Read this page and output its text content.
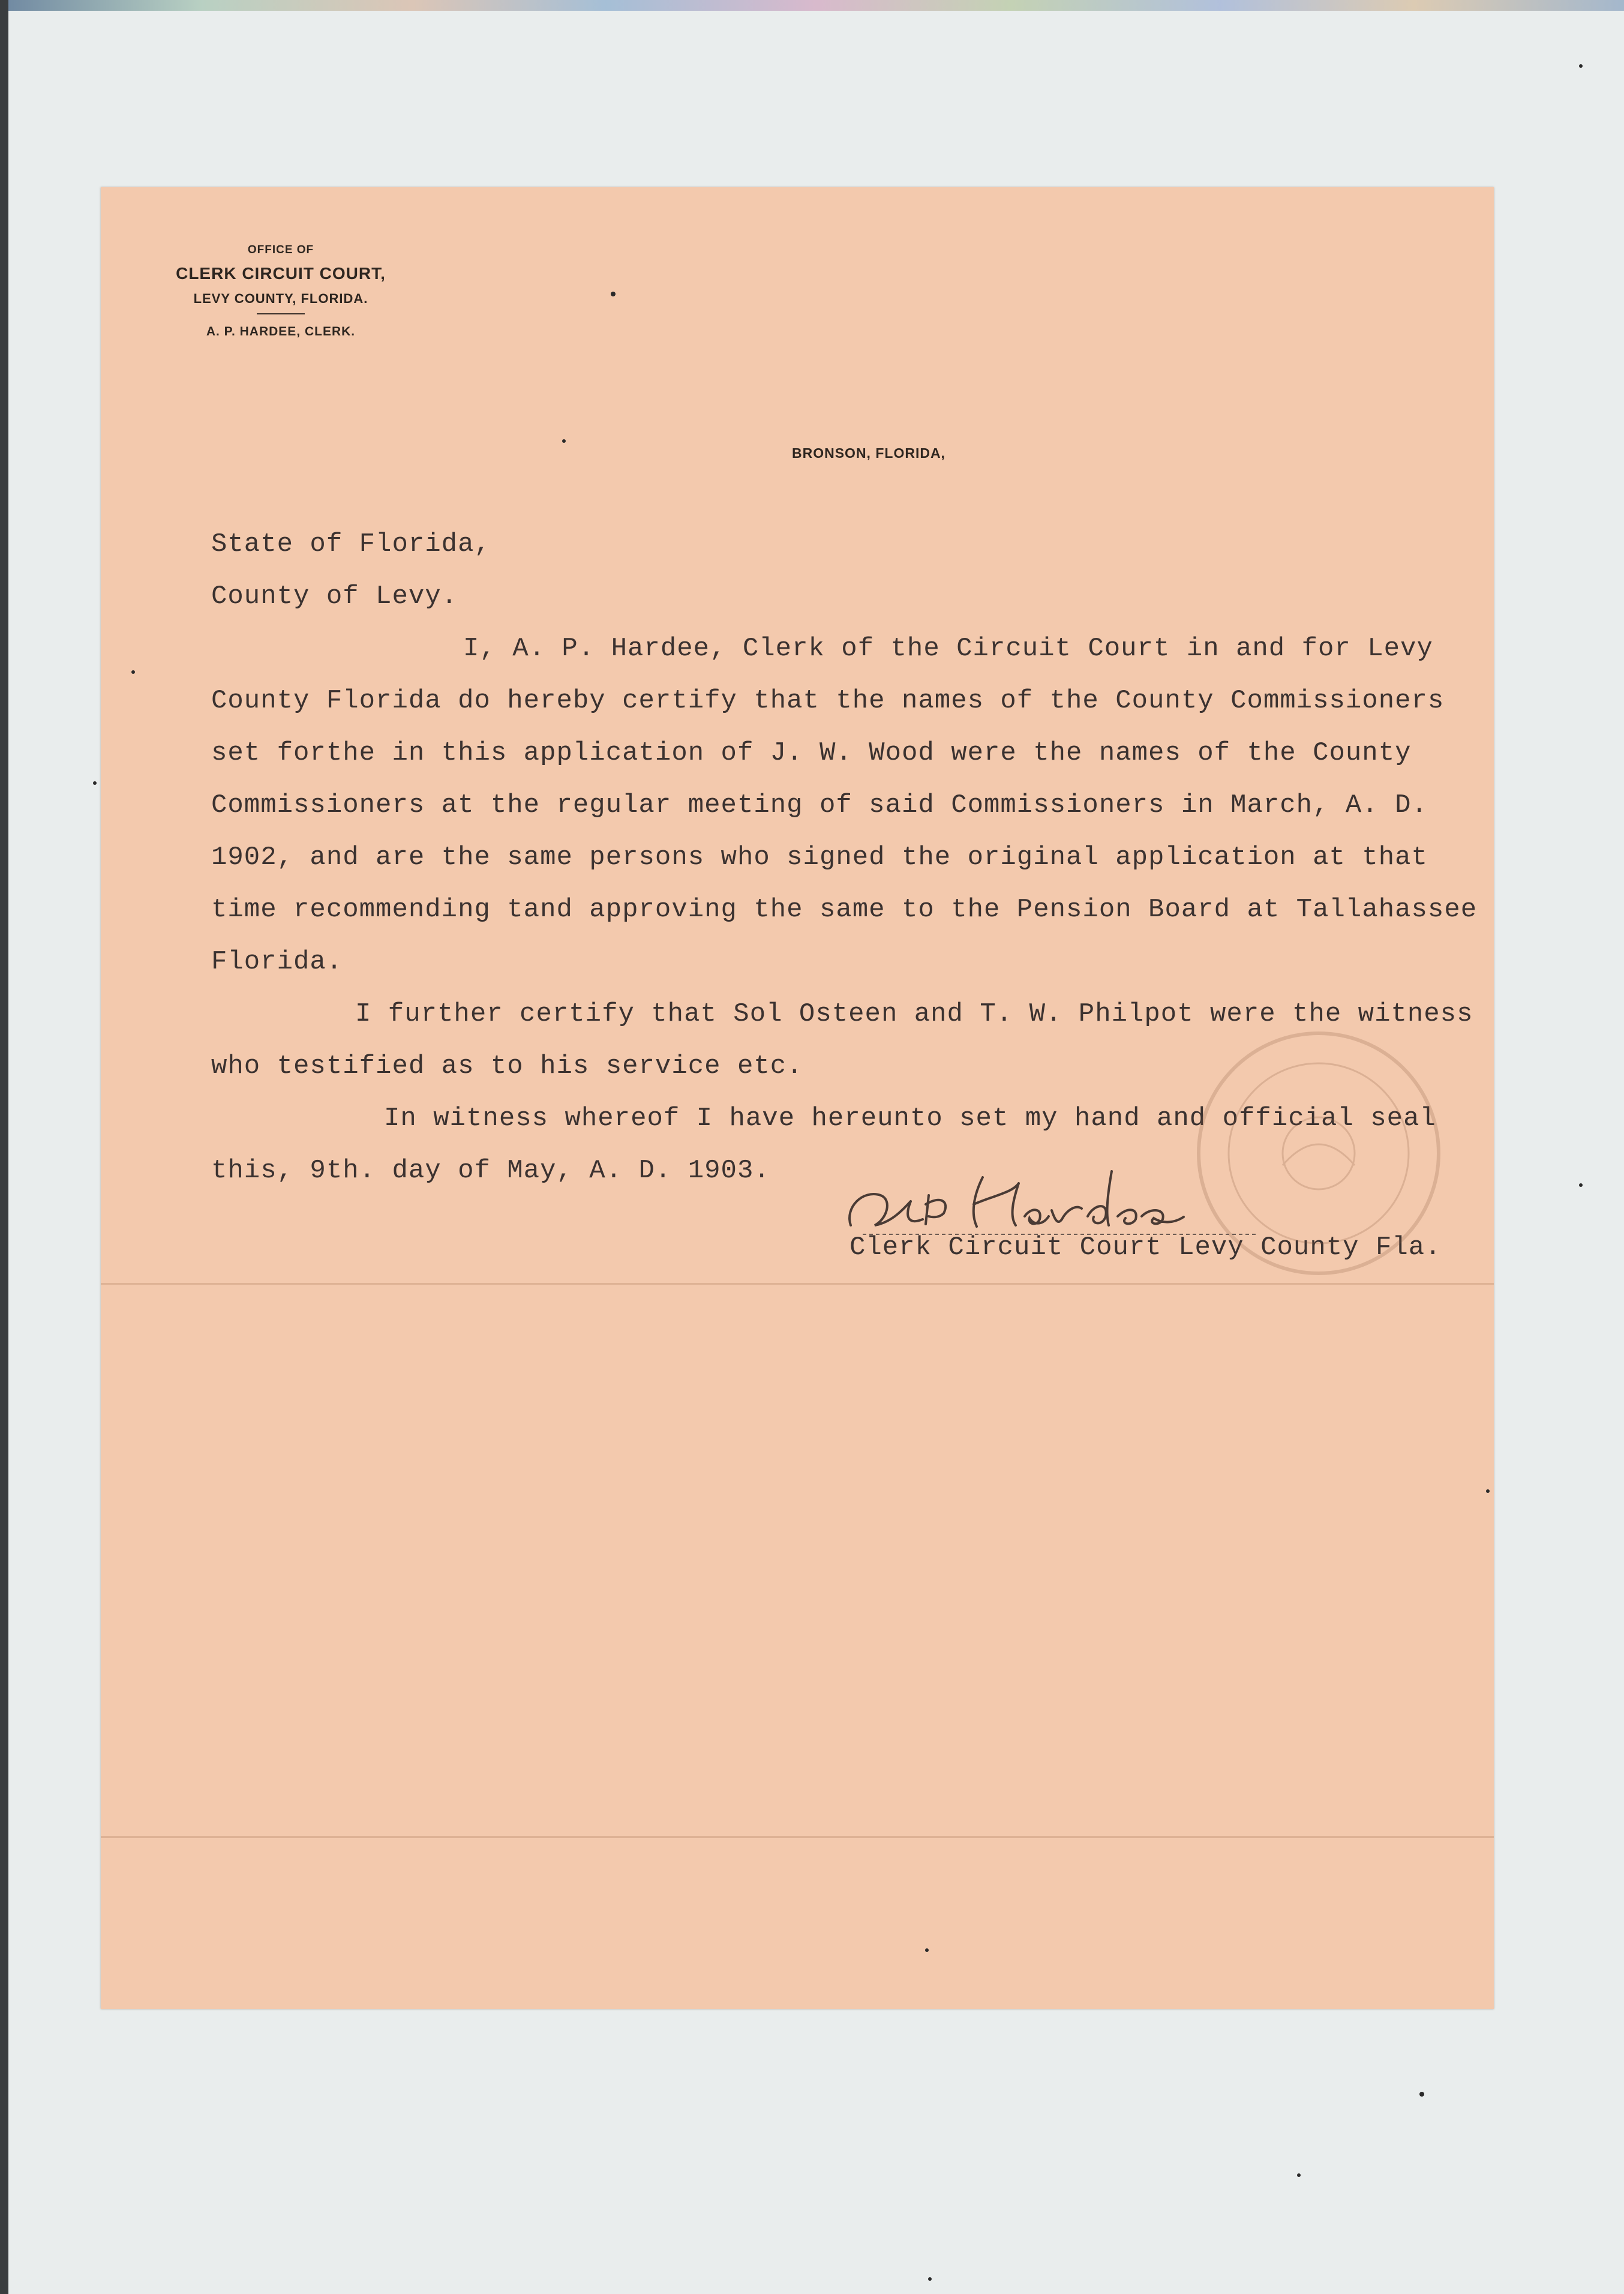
OFFICE OF
CLERK CIRCUIT COURT,
LEVY COUNTY, FLORIDA.
A. P. HARDEE, CLERK.
BRONSON, FLORIDA,
State of Florida,
County of Levy.
I, A. P. Hardee, Clerk of the Circuit Court in and for Levy
County Florida do hereby certify that the names of the County Commissioners
set forthe in this application of J. W. Wood were the names of the County
Commissioners at the regular meeting of said Commissioners in March, A. D.
1902, and are the same persons who signed the original application at that
time recommending tand approving the same to the Pension Board at Tallahassee
Florida.
I further certify that Sol Osteen and T. W. Philpot were the witness
who testified as to his service etc.
In witness whereof I have hereunto set my hand and official seal
this, 9th. day of May, A. D. 1903.
Clerk Circuit Court Levy County Fla.
